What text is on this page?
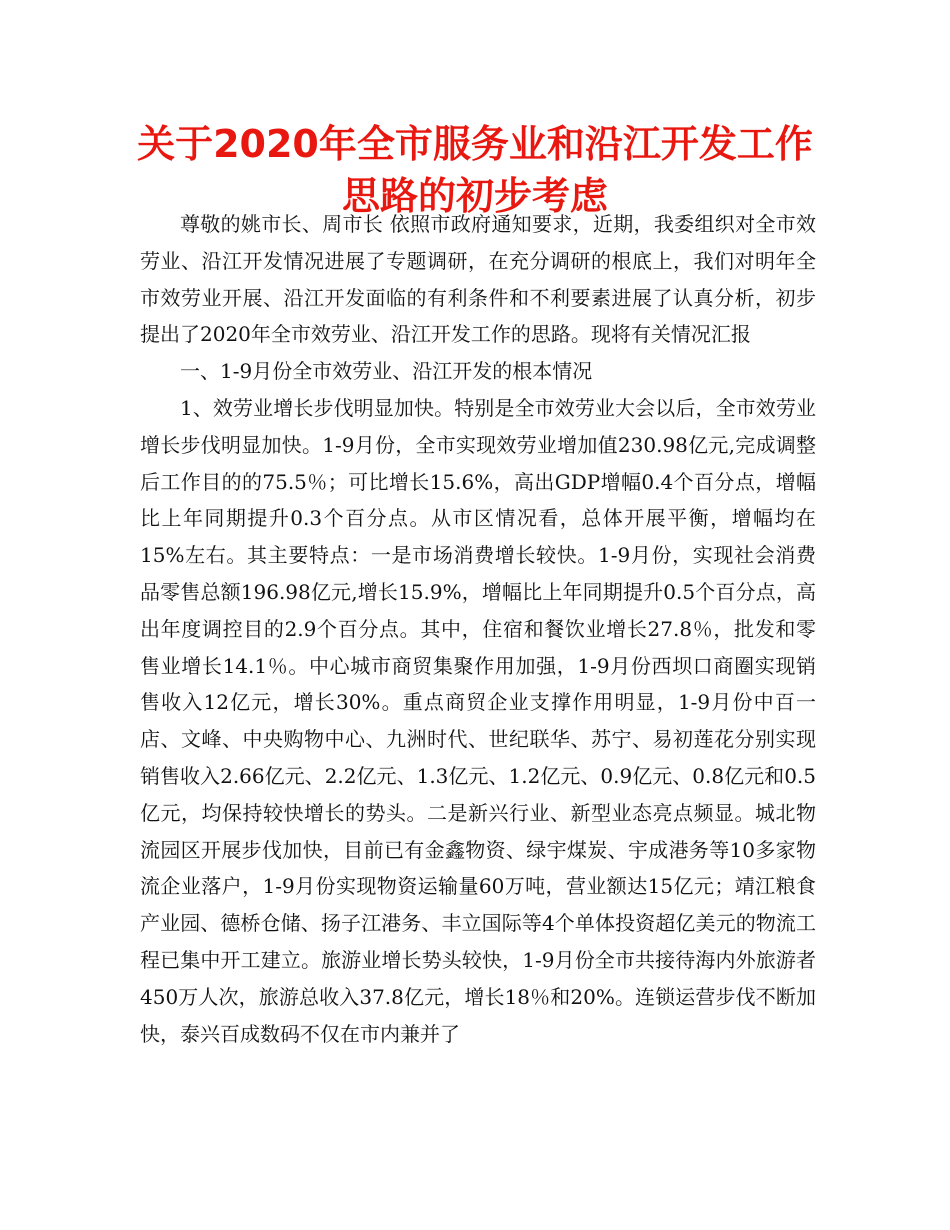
关于2020年全市服务业和沿江开发工作思路的初步考虑

尊敬的姚市长、周市长 依照市政府通知要求，近期，我委组织对全市效劳业、沿江开发情况进展了专题调研，在充分调研的根底上，我们对明年全市效劳业开展、沿江开发面临的有利条件和不利要素进展了认真分析，初步提出了2020年全市效劳业、沿江开发工作的思路。现将有关情况汇报

一、1-9月份全市效劳业、沿江开发的根本情况

1、效劳业增长步伐明显加快。特别是全市效劳业大会以后，全市效劳业增长步伐明显加快。1-9月份，全市实现效劳业增加值230.98亿元,完成调整后工作目的的75.5％；可比增长15.6%，高出GDP增幅0.4个百分点，增幅比上年同期提升0.3个百分点。从市区情况看，总体开展平衡，增幅均在15%左右。其主要特点：一是市场消费增长较快。1-9月份，实现社会消费品零售总额196.98亿元,增长15.9%，增幅比上年同期提升0.5个百分点，高出年度调控目的2.9个百分点。其中，住宿和餐饮业增长27.8％，批发和零售业增长14.1％。中心城市商贸集聚作用加强，1-9月份西坝口商圈实现销售收入12亿元，增长30%。重点商贸企业支撑作用明显，1-9月份中百一店、文峰、中央购物中心、九洲时代、世纪联华、苏宁、易初莲花分别实现销售收入2.66亿元、2.2亿元、1.3亿元、1.2亿元、0.9亿元、0.8亿元和0.5亿元，均保持较快增长的势头。二是新兴行业、新型业态亮点频显。城北物流园区开展步伐加快，目前已有金鑫物资、绿宇煤炭、宇成港务等10多家物流企业落户，1-9月份实现物资运输量60万吨，营业额达15亿元；靖江粮食产业园、德桥仓储、扬子江港务、丰立国际等4个单体投资超亿美元的物流工程已集中开工建立。旅游业增长势头较快，1-9月份全市共接待海内外旅游者450万人次，旅游总收入37.8亿元，增长18％和20%。连锁运营步伐不断加快，泰兴百成数码不仅在市内兼并了
